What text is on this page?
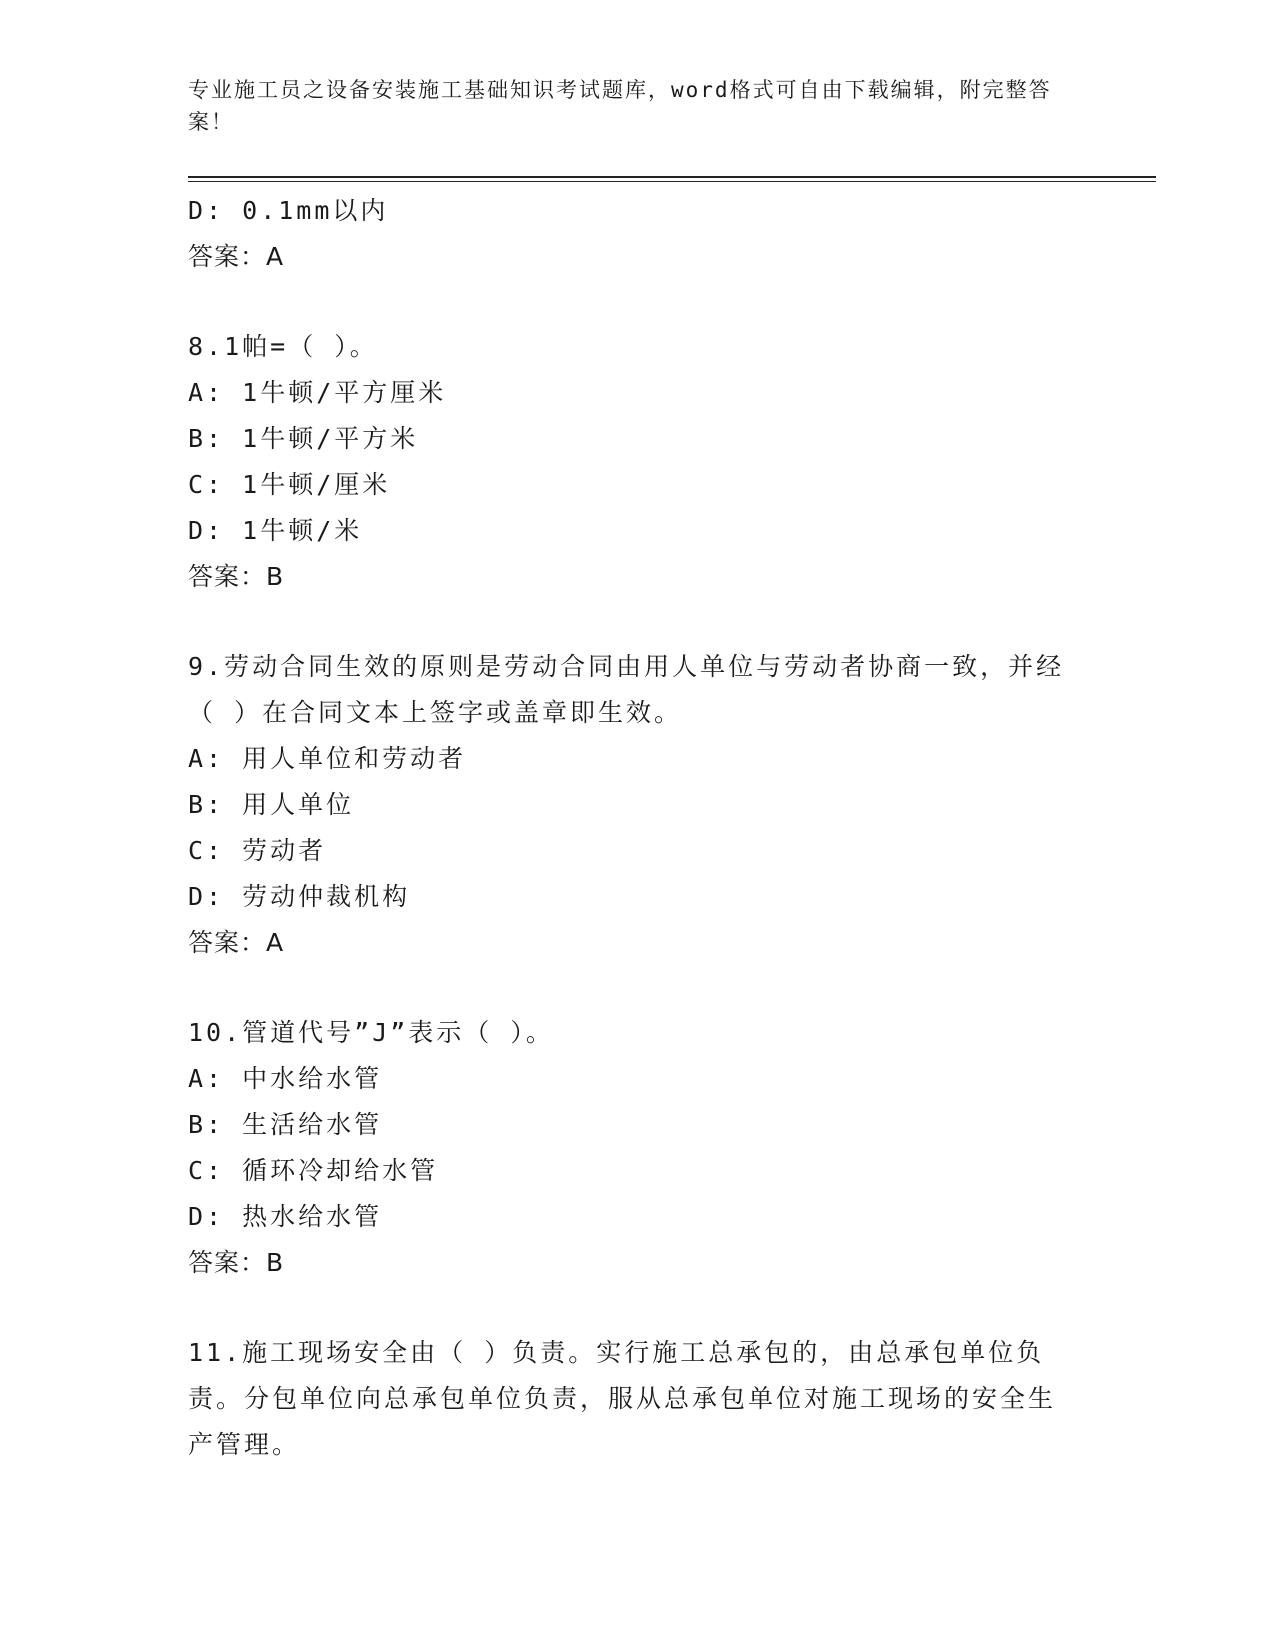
专业施工员之设备安装施工基础知识考试题库，word格式可自由下载编辑，附完整答案！
D: 0.1mm以内
答案：A
8.1帕=（ ）。
A: 1牛顿/平方厘米
B: 1牛顿/平方米
C: 1牛顿/厘米
D: 1牛顿/米
答案：B
9.劳动合同生效的原则是劳动合同由用人单位与劳动者协商一致，并经（ ）在合同文本上签字或盖章即生效。
A: 用人单位和劳动者
B: 用人单位
C: 劳动者
D: 劳动仲裁机构
答案：A
10.管道代号”J”表示（ ）。
A: 中水给水管
B: 生活给水管
C: 循环冷却给水管
D: 热水给水管
答案：B
11.施工现场安全由（ ）负责。实行施工总承包的，由总承包单位负责。分包单位向总承包单位负责，服从总承包单位对施工现场的安全生产管理。
